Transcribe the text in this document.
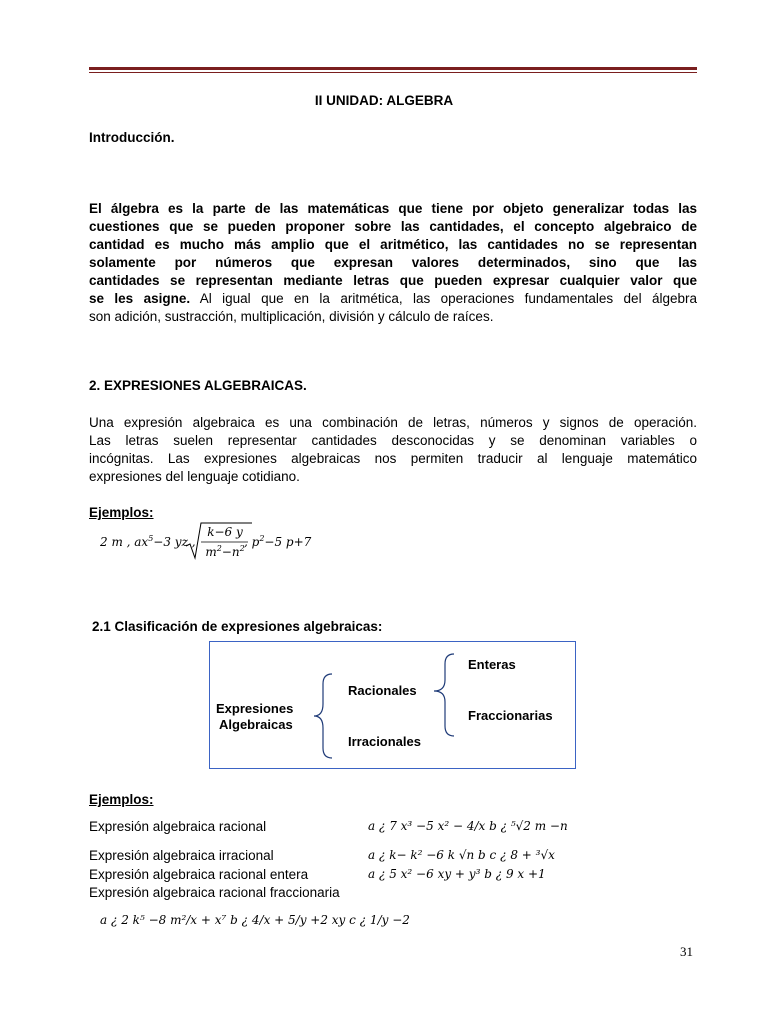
II UNIDAD: ALGEBRA
Introducción.
El álgebra es la parte de las matemáticas que tiene por objeto generalizar todas las
cuestiones que se pueden proponer sobre las cantidades, el concepto algebraico de
cantidad es mucho más amplio que el aritmético, las cantidades no se representan
solamente por números que expresan valores determinados, sino que las
cantidades se representan mediante letras que pueden expresar cualquier valor que
se les asigne. Al igual que en la aritmética, las operaciones fundamentales del álgebra
son adición, sustracción, multiplicación, división y cálculo de raíces.
2. EXPRESIONES ALGEBRAICAS.
Una expresión algebraica es una combinación de letras, números y signos de operación.
Las letras suelen representar cantidades desconocidas y se denominan variables o
incógnitas. Las expresiones algebraicas nos permiten traducir al lenguaje matemático
expresiones del lenguaje cotidiano.
Ejemplos:
2 m , $ax^5-3$ yz ,
k−6 y
$m^2-n^2$ , $p^2-5$ p+7
2.1 Clasificación de expresiones algebraicas:
Expresiones
Algebraicas
Racionales
Irracionales
Enteras
Fraccionarias
Ejemplos:
Expresión algebraica racional	a ¿ 7 x³ −5 x² − 4/x b ¿ ⁵√2 m −n
Expresión algebraica irracional	a ¿ k− k² −6 k √n b c ¿ 8 + ³√x
Expresión algebraica racional entera	a ¿ 5 x² −6 xy + y³ b ¿ 9 x +1
Expresión algebraica racional fraccionaria
a ¿ 2 k⁵ −8 m²/x + x⁷ b ¿ 4/x + 5/y +2 xy c ¿ 1/y −2
31
